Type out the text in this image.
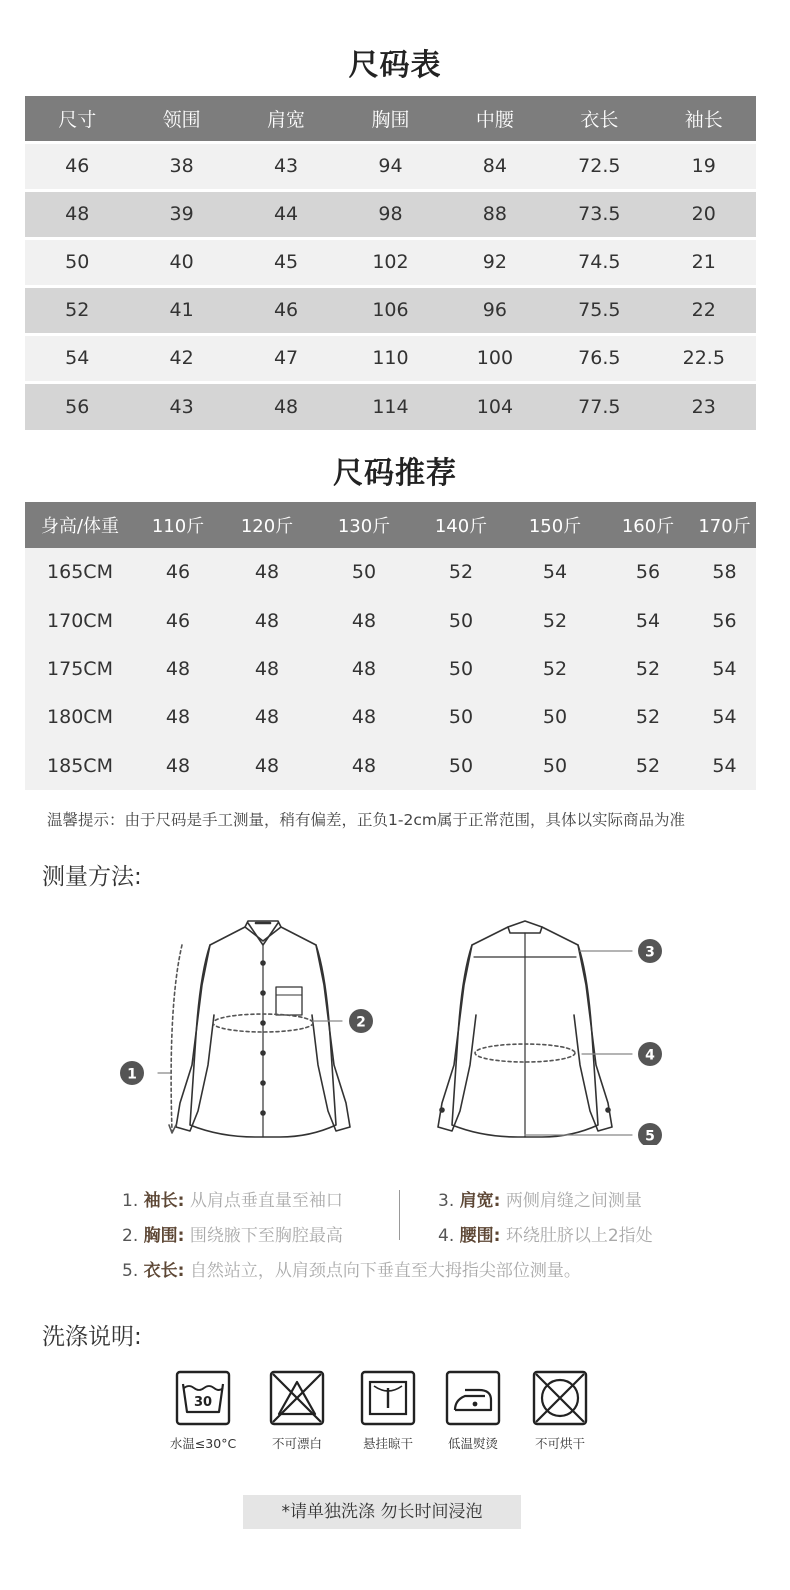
尺码表
尺寸	领围	肩宽	胸围	中腰	衣长	袖长
46	38	43	94	84	72.5	19
48	39	44	98	88	73.5	20
50	40	45	102	92	74.5	21
52	41	46	106	96	75.5	22
54	42	47	110	100	76.5	22.5
56	43	48	114	104	77.5	23
尺码推荐
身高/体重	110斤	120斤	130斤	140斤	150斤	160斤	170斤
165CM	46	48	50	52	54	56	58
170CM	46	48	48	50	52	54	56
175CM	48	48	48	50	52	52	54
180CM	48	48	48	50	50	52	54
185CM	48	48	48	50	50	52	54
温馨提示：由于尺码是手工测量，稍有偏差，正负1-2cm属于正常范围，具体以实际商品为准
测量方法:
1
2
3
4
5
1. 袖长: 从肩点垂直量至袖口
2. 胸围: 围绕腋下至胸腔最高
3. 肩宽: 两侧肩缝之间测量
4. 腰围: 环绕肚脐以上2指处
5. 衣长: 自然站立，从肩颈点向下垂直至大拇指尖部位测量。
洗涤说明:
30
水温≤30°C	不可漂白	悬挂晾干	低温熨烫	不可烘干
*请单独洗涤 勿长时间浸泡
